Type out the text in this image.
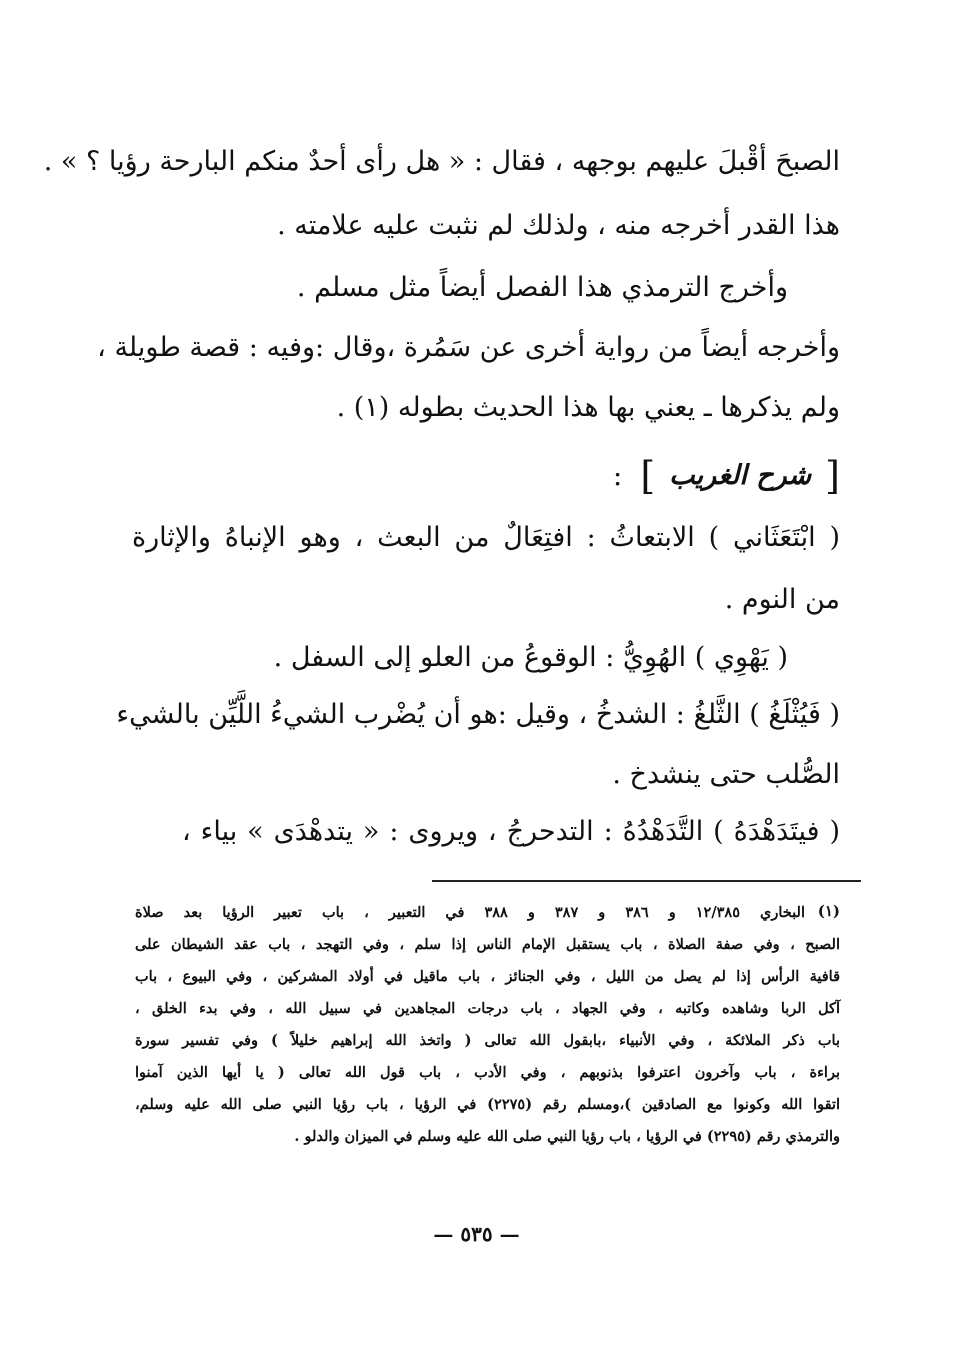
الصبحَ أقْبلَ عليهم بوجهه ، فقال : « هل رأى أحدٌ منكم البارحة رؤيا ؟ » .
هذا القدر أخرجه منه ، ولذلك لم نثبت عليه علامته .
وأخرج الترمذي هذا الفصل أيضاً مثل مسلم .
وأخرجه أيضاً من رواية أخرى عن سَمُرة ،وقال :وفيه : قصة طويلة ،
ولم يذكرها ـ يعني بها هذا الحديث بطوله (١) .
[شرح الغريب]:
( ابْتَعَثَاني ) الابتعاثُ : افتِعَالٌ من البعث ، وهو الإنباهُ والإثارة
من النوم .
( يَهْوِي ) الهُوِيُّ : الوقوعُ من العلو إلى السفل .
( فَيُثْلَغُ ) الثَّلغُ : الشدخُ ، وقيل :هو أن يُضْرب الشيءُ اللَّيِّن بالشيء
الصُّلب حتى ينشدخ .
( فيتَدَهْدَهُ ) التَّدَهْدُهُ : التدحرجُ ، ويروى : « يتدهْدَى » بياء ،
(١)
البخاري ١٢/٣٨٥ و ٣٨٦ و ٣٨٧ و ٣٨٨ في التعبير ، باب تعبير الرؤيا بعد صلاة
الصبح ، وفي صفة الصلاة ، باب يستقبل الإمام الناس إذا سلم ، وفي التهجد ، باب عقد الشيطان على
قافية الرأس إذا لم يصل من الليل ، وفي الجنائز ، باب ماقيل في أولاد المشركين ، وفي البيوع ، باب
آكل الربا وشاهده وكاتبه ، وفي الجهاد ، باب درجات المجاهدين في سبيل الله ، وفي بدء الخلق ،
باب ذكر الملائكة ، وفي الأنبياء ،بابقول الله تعالى ( واتخذ الله إبراهيم خليلاً ) وفي تفسير سورة
براءة ، باب وآخرون اعترفوا بذنوبهم ، وفي الأدب ، باب قول الله تعالى ( يا أيها الذين آمنوا
اتقوا الله وكونوا مع الصادقين )،ومسلم رقم (٢٢٧٥) في الرؤيا ، باب رؤيا النبي صلى الله عليه وسلم،
والترمذي رقم (٢٢٩٥) في الرؤيا ، باب رؤيا النبي صلى الله عليه وسلم في الميزان والدلو .
— ٥٣٥ —
